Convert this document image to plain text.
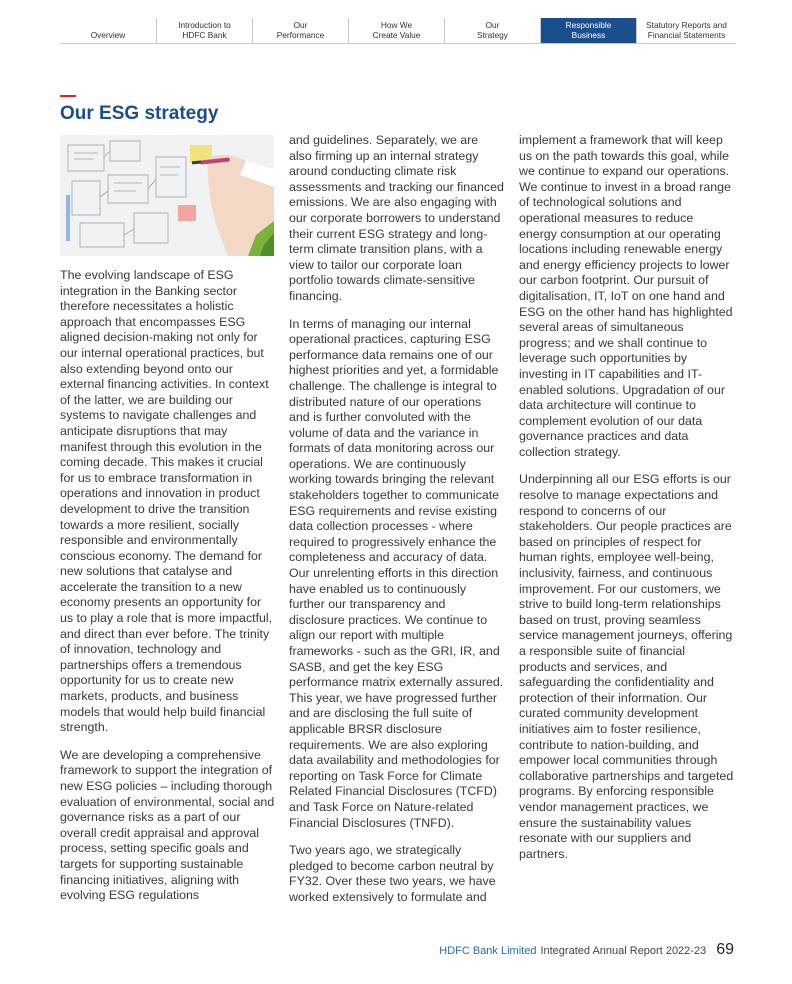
Overview
Introduction to
HDFC Bank
Our
Performance
How We
Create Value
Our
Strategy
Responsible
Business
Statutory Reports and
Financial Statements
Our ESG strategy

The evolving landscape of ESG integration in the Banking sector therefore necessitates a holistic approach that encompasses ESG aligned decision-making not only for our internal operational practices, but also extending beyond onto our external financing activities. In context of the latter, we are building our systems to navigate challenges and anticipate disruptions that may manifest through this evolution in the coming decade. This makes it crucial for us to embrace transformation in operations and innovation in product development to drive the transition towards a more resilient, socially responsible and environmentally conscious economy. The demand for new solutions that catalyse and accelerate the transition to a new economy presents an opportunity for us to play a role that is more impactful, and direct than ever before. The trinity of innovation, technology and partnerships offers a tremendous opportunity for us to create new markets, products, and business models that would help build financial strength.

We are developing a comprehensive framework to support the integration of new ESG policies – including thorough evaluation of environmental, social and governance risks as a part of our overall credit appraisal and approval process, setting specific goals and targets for supporting sustainable financing initiatives, aligning with evolving ESG regulations

and guidelines. Separately, we are also firming up an internal strategy around conducting climate risk assessments and tracking our financed emissions. We are also engaging with our corporate borrowers to understand their current ESG strategy and long-term climate transition plans, with a view to tailor our corporate loan portfolio towards climate-sensitive financing.

In terms of managing our internal operational practices, capturing ESG performance data remains one of our highest priorities and yet, a formidable challenge. The challenge is integral to distributed nature of our operations and is further convoluted with the volume of data and the variance in formats of data monitoring across our operations. We are continuously working towards bringing the relevant stakeholders together to communicate ESG requirements and revise existing data collection processes - where required to progressively enhance the completeness and accuracy of data. Our unrelenting efforts in this direction have enabled us to continuously further our transparency and disclosure practices. We continue to align our report with multiple frameworks - such as the GRI, IR, and SASB, and get the key ESG performance matrix externally assured. This year, we have progressed further and are disclosing the full suite of applicable BRSR disclosure requirements. We are also exploring data availability and methodologies for reporting on Task Force for Climate Related Financial Disclosures (TCFD) and Task Force on Nature-related Financial Disclosures (TNFD).

Two years ago, we strategically pledged to become carbon neutral by FY32. Over these two years, we have worked extensively to formulate and

implement a framework that will keep us on the path towards this goal, while we continue to expand our operations. We continue to invest in a broad range of technological solutions and operational measures to reduce energy consumption at our operating locations including renewable energy and energy efficiency projects to lower our carbon footprint. Our pursuit of digitalisation, IT, IoT on one hand and ESG on the other hand has highlighted several areas of simultaneous progress; and we shall continue to leverage such opportunities by investing in IT capabilities and IT-enabled solutions. Upgradation of our data architecture will continue to complement evolution of our data governance practices and data collection strategy.

Underpinning all our ESG efforts is our resolve to manage expectations and respond to concerns of our stakeholders. Our people practices are based on principles of respect for human rights, employee well-being, inclusivity, fairness, and continuous improvement. For our customers, we strive to build long-term relationships based on trust, proving seamless service management journeys, offering a responsible suite of financial products and services, and safeguarding the confidentiality and protection of their information. Our curated community development initiatives aim to foster resilience, contribute to nation-building, and empower local communities through collaborative partnerships and targeted programs. By enforcing responsible vendor management practices, we ensure the sustainability values resonate with our suppliers and partners.

HDFC Bank Limited Integrated Annual Report 2022-23 69
